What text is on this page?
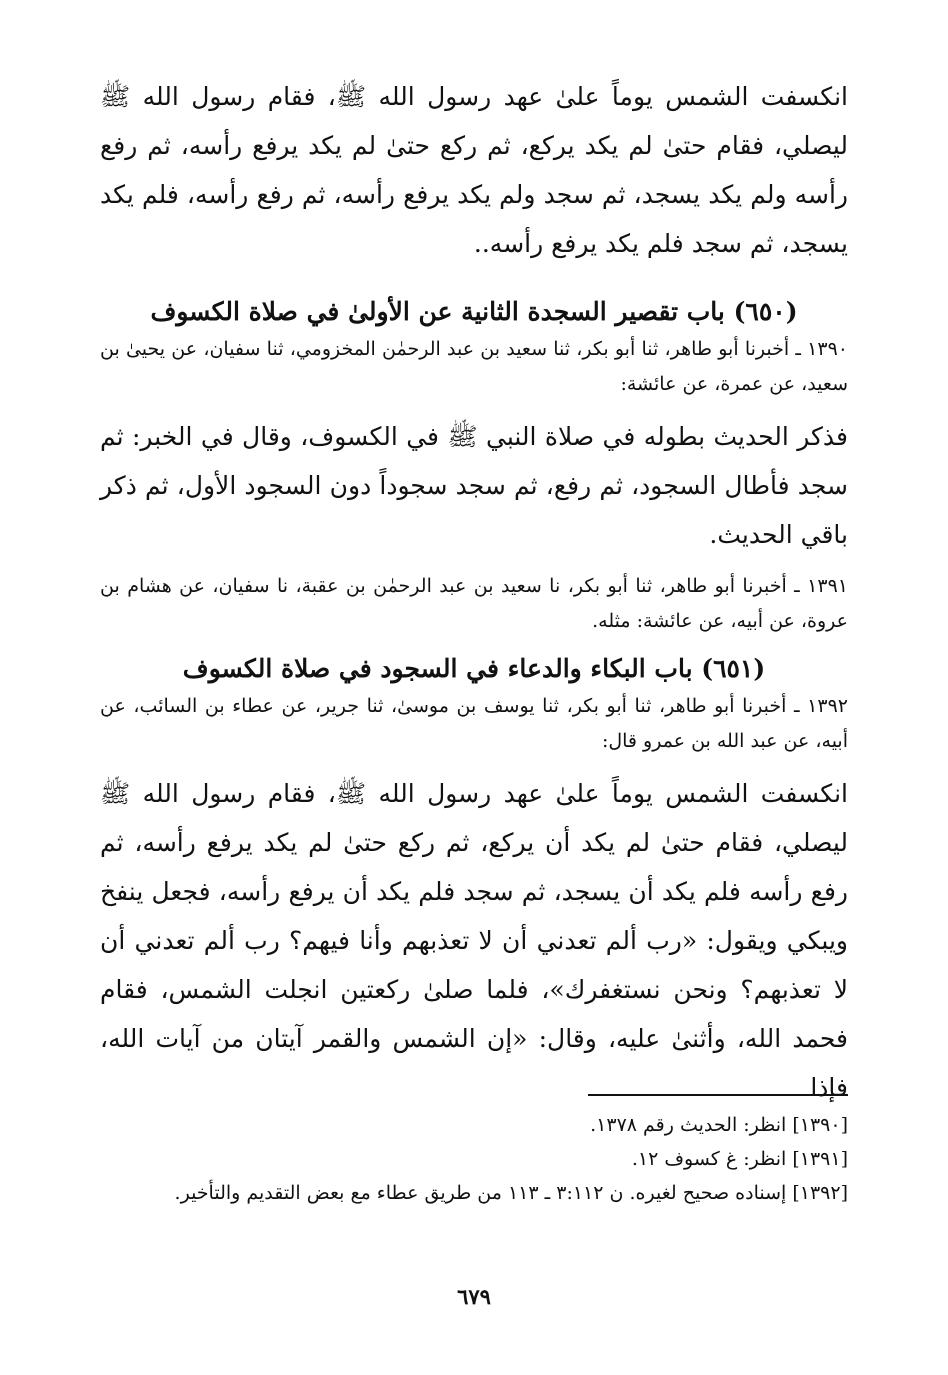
انكسفت الشمس يوماً علىٰ عهد رسول الله ﷺ، فقام رسول الله ﷺ ليصلي، فقام حتىٰ لم يكد يركع، ثم ركع حتىٰ لم يكد يرفع رأسه، ثم رفع رأسه ولم يكد يسجد، ثم سجد ولم يكد يرفع رأسه، ثم رفع رأسه، فلم يكد يسجد، ثم سجد فلم يكد يرفع رأسه..

(٦٥٠) باب تقصير السجدة الثانية عن الأولىٰ في صلاة الكسوف

١٣٩٠ ـ أخبرنا أبو طاهر، ثنا أبو بكر، ثنا سعيد بن عبد الرحمٰن المخزومي، ثنا سفيان، عن يحيىٰ بن سعيد، عن عمرة، عن عائشة:

فذكر الحديث بطوله في صلاة النبي ﷺ في الكسوف، وقال في الخبر: ثم سجد فأطال السجود، ثم رفع، ثم سجد سجوداً دون السجود الأول، ثم ذكر باقي الحديث.

١٣٩١ ـ أخبرنا أبو طاهر، ثنا أبو بكر، نا سعيد بن عبد الرحمٰن بن عقبة، نا سفيان، عن هشام بن عروة، عن أبيه، عن عائشة: مثله.

(٦٥١) باب البكاء والدعاء في السجود في صلاة الكسوف

١٣٩٢ ـ أخبرنا أبو طاهر، ثنا أبو بكر، ثنا يوسف بن موسىٰ، ثنا جرير، عن عطاء بن السائب، عن أبيه، عن عبد الله بن عمرو قال:

انكسفت الشمس يوماً علىٰ عهد رسول الله ﷺ، فقام رسول الله ﷺ ليصلي، فقام حتىٰ لم يكد أن يركع، ثم ركع حتىٰ لم يكد يرفع رأسه، ثم رفع رأسه فلم يكد أن يسجد، ثم سجد فلم يكد أن يرفع رأسه، فجعل ينفخ ويبكي ويقول: «رب ألم تعدني أن لا تعذبهم وأنا فيهم؟ رب ألم تعدني أن لا تعذبهم؟ ونحن نستغفرك»، فلما صلىٰ ركعتين انجلت الشمس، فقام فحمد الله، وأثنىٰ عليه، وقال: «إن الشمس والقمر آيتان من آيات الله، فإذا

[١٣٩٠] انظر: الحديث رقم ١٣٧٨.

[١٣٩١] انظر: غ كسوف ١٢.

[١٣٩٢] إسناده صحيح لغيره. ن ٣:١١٢ ـ ١١٣ من طريق عطاء مع بعض التقديم والتأخير.

٦٧٩
